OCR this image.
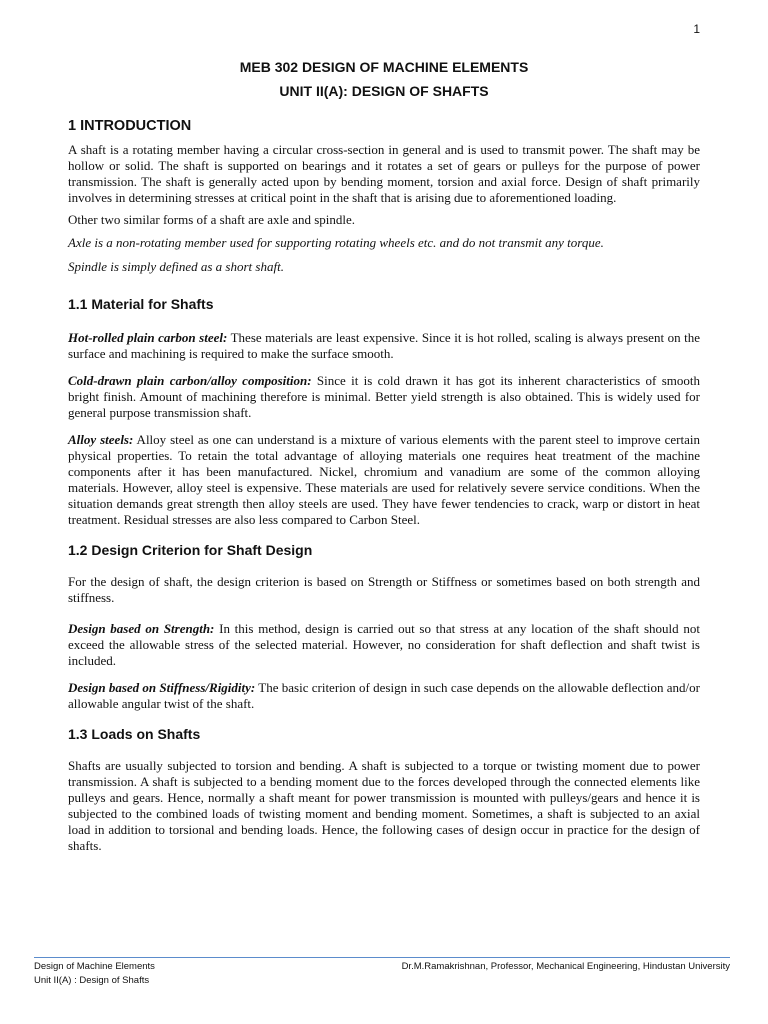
1
MEB 302 DESIGN OF MACHINE ELEMENTS
UNIT II(A): DESIGN OF SHAFTS
1 INTRODUCTION

A shaft is a rotating member having a circular cross-section in general and is used to transmit power. The shaft may be hollow or solid. The shaft is supported on bearings and it rotates a set of gears or pulleys for the purpose of power transmission. The shaft is generally acted upon by bending moment, torsion and axial force. Design of shaft primarily involves in determining stresses at critical point in the shaft that is arising due to aforementioned loading.

Other two similar forms of a shaft are axle and spindle.

Axle is a non-rotating member used for supporting rotating wheels etc. and do not transmit any torque.

Spindle is simply defined as a short shaft.

1.1 Material for Shafts

Hot-rolled plain carbon steel: These materials are least expensive. Since it is hot rolled, scaling is always present on the surface and machining is required to make the surface smooth.

Cold-drawn plain carbon/alloy composition: Since it is cold drawn it has got its inherent characteristics of smooth bright finish. Amount of machining therefore is minimal. Better yield strength is also obtained. This is widely used for general purpose transmission shaft.

Alloy steels: Alloy steel as one can understand is a mixture of various elements with the parent steel to improve certain physical properties. To retain the total advantage of alloying materials one requires heat treatment of the machine components after it has been manufactured. Nickel, chromium and vanadium are some of the common alloying materials. However, alloy steel is expensive. These materials are used for relatively severe service conditions. When the situation demands great strength then alloy steels are used. They have fewer tendencies to crack, warp or distort in heat treatment. Residual stresses are also less compared to Carbon Steel.

1.2 Design Criterion for Shaft Design

For the design of shaft, the design criterion is based on Strength or Stiffness or sometimes based on both strength and stiffness.

Design based on Strength: In this method, design is carried out so that stress at any location of the shaft should not exceed the allowable stress of the selected material. However, no consideration for shaft deflection and shaft twist is included.

Design based on Stiffness/Rigidity: The basic criterion of design in such case depends on the allowable deflection and/or allowable angular twist of the shaft.

1.3 Loads on Shafts

Shafts are usually subjected to torsion and bending. A shaft is subjected to a torque or twisting moment due to power transmission. A shaft is subjected to a bending moment due to the forces developed through the connected elements like pulleys and gears. Hence, normally a shaft meant for power transmission is mounted with pulleys/gears and hence it is subjected to the combined loads of twisting moment and bending moment. Sometimes, a shaft is subjected to an axial load in addition to torsional and bending loads. Hence, the following cases of design occur in practice for the design of shafts.

Design of Machine Elements
Unit II(A) : Design of Shafts
Dr.M.Ramakrishnan, Professor, Mechanical Engineering, Hindustan University
